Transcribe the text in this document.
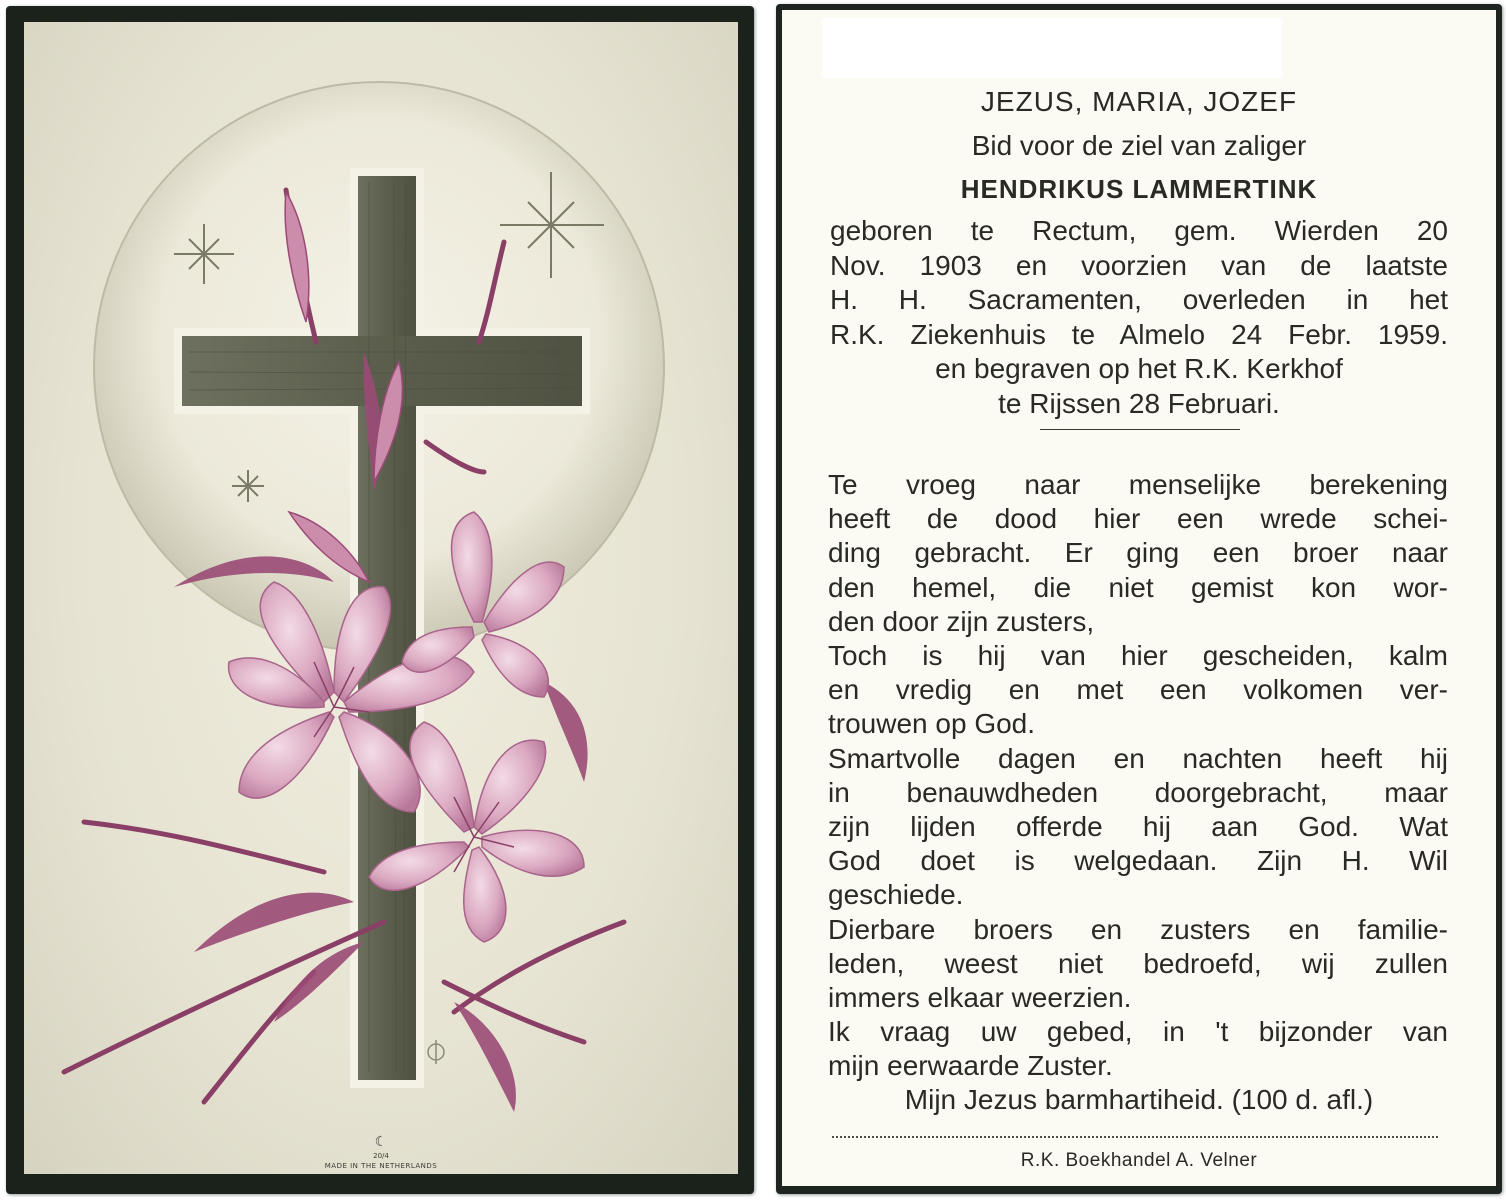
☾
20/4
MADE IN THE NETHERLANDS
JEZUS, MARIA, JOZEF
Bid voor de ziel van zaliger
HENDRIKUS LAMMERTINK
geboren te Rectum, gem. Wierden 20
Nov. 1903 en voorzien van de laatste
H. H. Sacramenten, overleden in het
R.K. Ziekenhuis te Almelo 24 Febr. 1959.
en begraven op het R.K. Kerkhof
te Rijssen 28 Februari.
Te vroeg naar menselijke berekening
heeft de dood hier een wrede schei-
ding gebracht. Er ging een broer naar
den hemel, die niet gemist kon wor-
den door zijn zusters,
Toch is hij van hier gescheiden, kalm
en vredig en met een volkomen ver-
trouwen op God.
Smartvolle dagen en nachten heeft hij
in benauwdheden doorgebracht, maar
zijn lijden offerde hij aan God. Wat
God doet is welgedaan. Zijn H. Wil
geschiede.
Dierbare broers en zusters en familie-
leden, weest niet bedroefd, wij zullen
immers elkaar weerzien.
Ik vraag uw gebed, in 't bijzonder van
mijn eerwaarde Zuster.
Mijn Jezus barmhartiheid. (100 d. afl.)
R.K. Boekhandel A. Velner
